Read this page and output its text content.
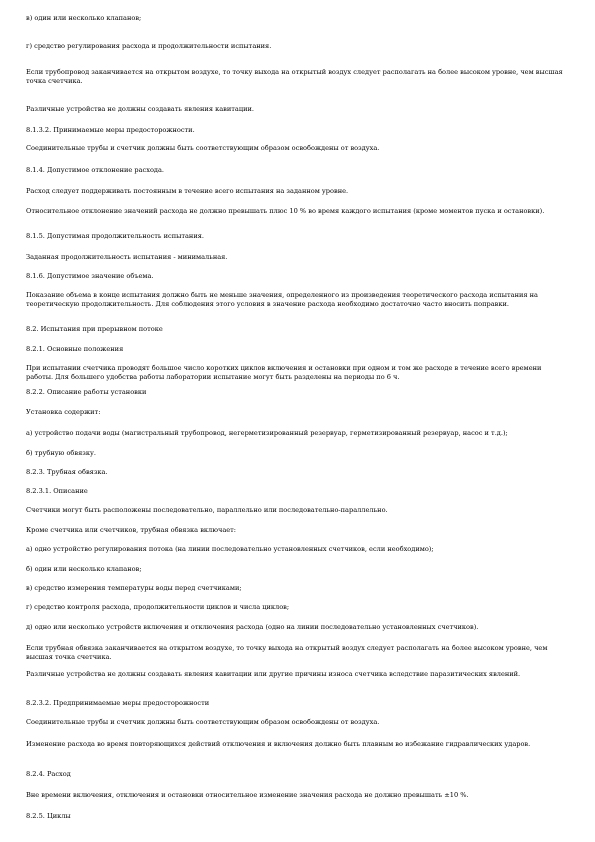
в) один или несколько клапанов;

г) средство регулирования расхода и продолжительности испытания.

Если трубопровод заканчивается на открытом воздухе, то точку выхода на открытый воздух следует располагать на более высоком уровне, чем высшая точка счетчика.

Различные устройства не должны создавать явления кавитации.

8.1.3.2. Принимаемые меры предосторожности.

Соединительные трубы и счетчик должны быть соответствующим образом освобождены от воздуха.

8.1.4. Допустимое отклонение расхода.

Расход следует поддерживать постоянным в течение всего испытания на заданном уровне.

Относительное отклонение значений расхода не должно превышать плюс 10 % во время каждого испытания (кроме моментов пуска и остановки).

8.1.5. Допустимая продолжительность испытания.

Заданная продолжительность испытания - минимальная.

8.1.6. Допустимое значение объема.

Показание объема в конце испытания должно быть не меньше значения, определенного из произведения теоретического расхода испытания на теоретическую продолжительность. Для соблюдения этого условия в значение расхода необходимо достаточно часто вносить поправки.

8.2. Испытания при прерывном потоке

8.2.1. Основные положения

При испытании счетчика проводят большое число коротких циклов включения и остановки при одном и том же расходе в течение всего времени работы. Для большего удобства работы лаборатории испытание могут быть разделены на периоды по 6 ч.

8.2.2. Описание работы установки

Установка содержит:

а) устройство подачи воды (магистральный трубопровод, негерметизированный резервуар, герметизированный резервуар, насос и т.д.);

б) трубную обвязку.

8.2.3. Трубная обвязка.

8.2.3.1. Описание

Счетчики могут быть расположены последовательно, параллельно или последовательно-параллельно.

Кроме счетчика или счетчиков, трубная обвязка включает:

а) одно устройство регулирования потока (на линии последовательно установленных счетчиков, если необходимо);

б) один или несколько клапанов;

в) средство измерения температуры воды перед счетчиками;

г) средство контроля расхода, продолжительности циклов и числа циклов;

д) одно или несколько устройств включения и отключения расхода (одно на линии последовательно установленных счетчиков).

Если трубная обвязка заканчивается на открытом воздухе, то точку выхода на открытый воздух следует располагать на более высоком уровне, чем высшая точка счетчика.

Различные устройства не должны создавать явления кавитации или другие причины износа счетчика вследствие паразитических явлений.

8.2.3.2. Предпринимаемые меры предосторожности

Соединительные трубы и счетчик должны быть соответствующим образом освобождены от воздуха.

Изменение расхода во время повторяющихся действий отключения и включения должно быть плавным во избежание гидравлических ударов.

8.2.4. Расход

Вне времени включения, отключения и остановки относительное изменение значения расхода не должно превышать ±10 %.

8.2.5. Циклы
